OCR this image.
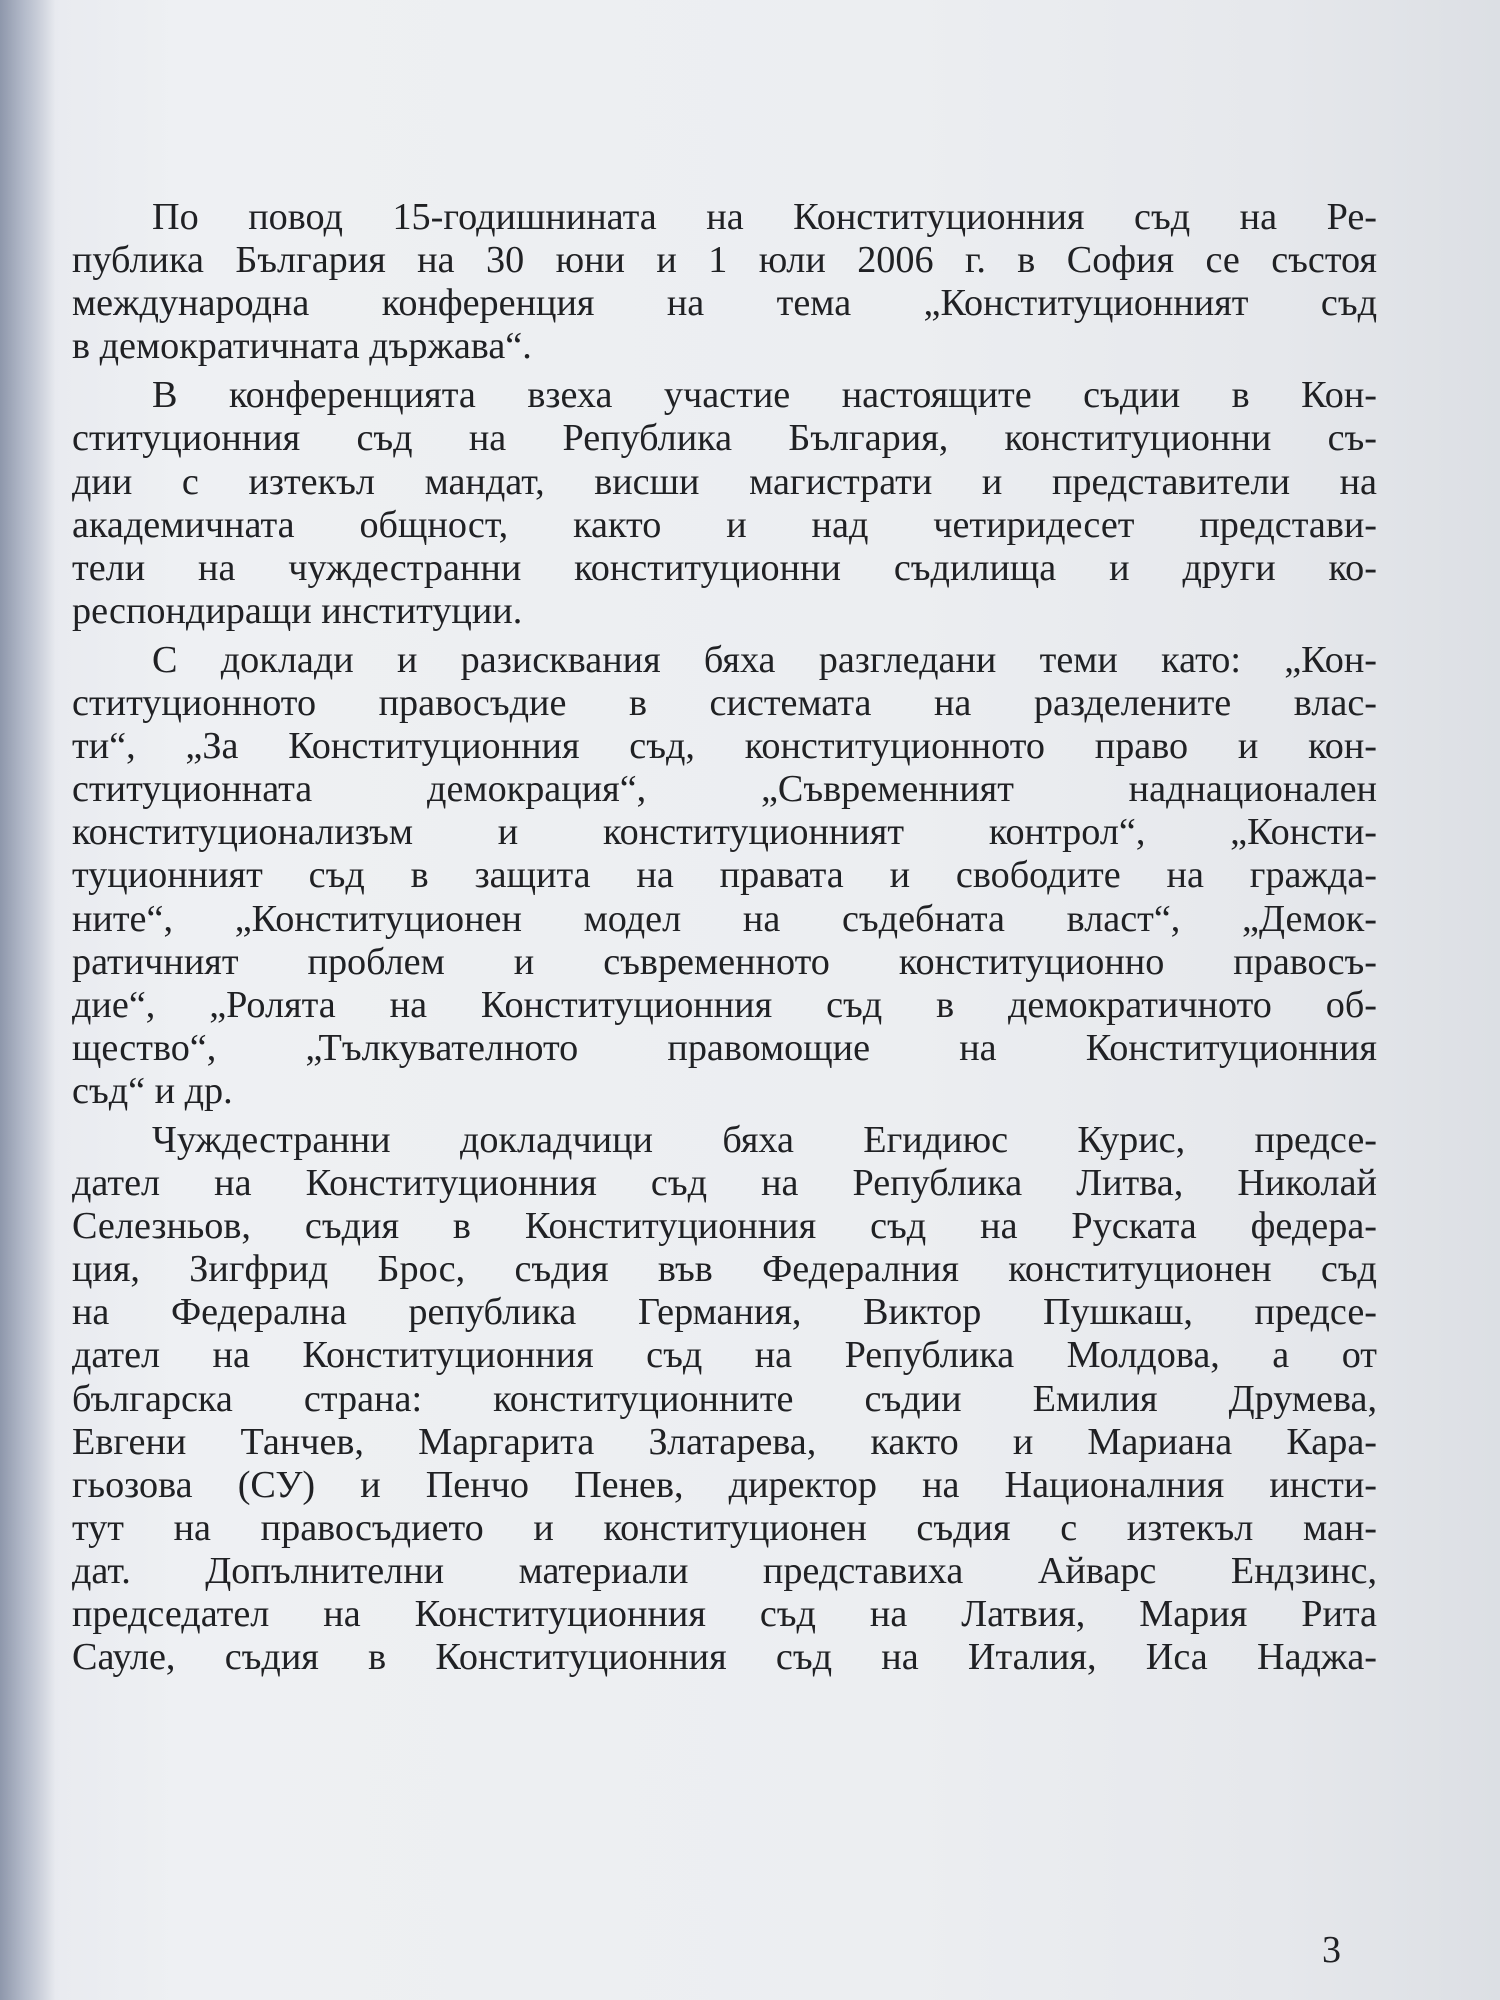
По повод 15-годишнината на Конституционния съд на Ре-
публика България на 30 юни и 1 юли 2006 г. в София се състоя
международна конференция на тема „Конституционният съд
в демократичната държава“.
В конференцията взеха участие настоящите съдии в Кон-
ституционния съд на Република България, конституционни съ-
дии с изтекъл мандат, висши магистрати и представители на
академичната общност, както и над четиридесет представи-
тели на чуждестранни конституционни съдилища и други ко-
респондиращи институции.
С доклади и разисквания бяха разгледани теми като: „Кон-
ституционното правосъдие в системата на разделените влас-
ти“, „За Конституционния съд, конституционното право и кон-
ституционната демокрация“, „Съвременният наднационален
конституционализъм и конституционният контрол“, „Консти-
туционният съд в защита на правата и свободите на гражда-
ните“, „Конституционен модел на съдебната власт“, „Демок-
ратичният проблем и съвременното конституционно правосъ-
дие“, „Ролята на Конституционния съд в демократичното об-
щество“, „Тълкувателното правомощие на Конституционния
съд“ и др.
Чуждестранни докладчици бяха Егидиюс Курис, предсе-
дател на Конституционния съд на Република Литва, Николай
Селезньов, съдия в Конституционния съд на Руската федера-
ция, Зигфрид Брос, съдия във Федералния конституционен съд
на Федерална република Германия, Виктор Пушкаш, предсе-
дател на Конституционния съд на Република Молдова, а от
българска страна: конституционните съдии Емилия Друмева,
Евгени Танчев, Маргарита Златарева, както и Мариана Кара-
гьозова (СУ) и Пенчо Пенев, директор на Националния инсти-
тут на правосъдието и конституционен съдия с изтекъл ман-
дат. Допълнителни материали представиха Айварс Ендзинс,
председател на Конституционния съд на Латвия, Мария Рита
Сауле, съдия в Конституционния съд на Италия, Иса Наджа-
3
